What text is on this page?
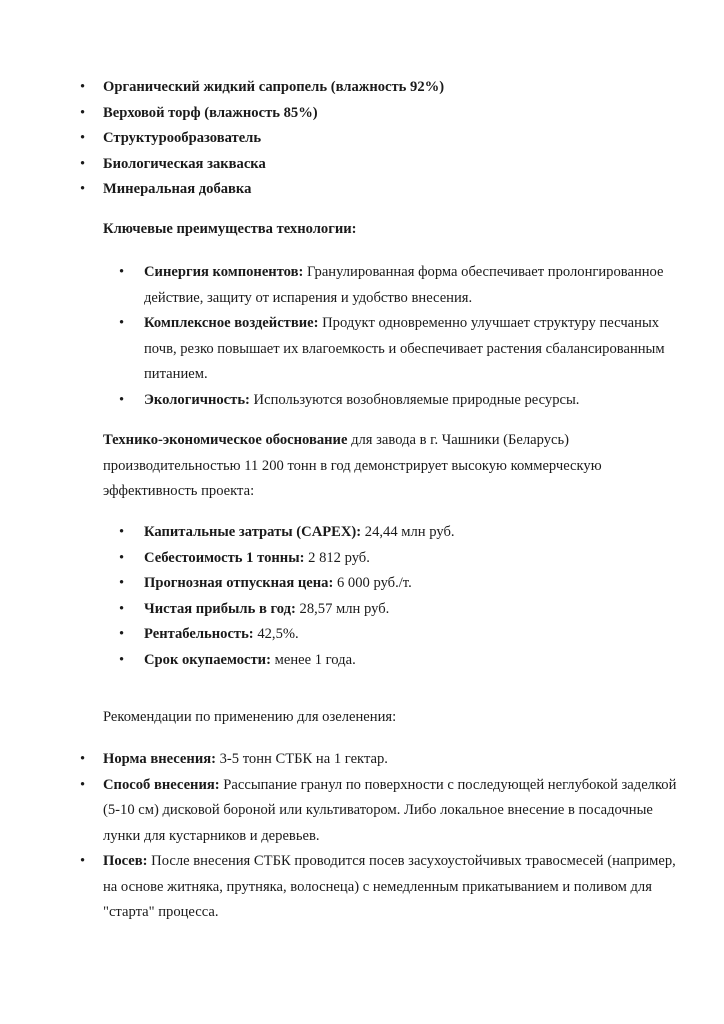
• Органический жидкий сапропель (влажность 92%)
• Верховой торф (влажность 85%)
• Структурообразователь
• Биологическая закваска
• Минеральная добавка
Ключевые преимущества технологии:
• Синергия компонентов: Гранулированная форма обеспечивает пролонгированное действие, защиту от испарения и удобство внесения.
• Комплексное воздействие: Продукт одновременно улучшает структуру песчаных почв, резко повышает их влагоемкость и обеспечивает растения сбалансированным питанием.
• Экологичность: Используются возобновляемые природные ресурсы.
Технико-экономическое обоснование для завода в г. Чашники (Беларусь) производительностью 11 200 тонн в год демонстрирует высокую коммерческую эффективность проекта:
• Капитальные затраты (CAPEX): 24,44 млн руб.
• Себестоимость 1 тонны: 2 812 руб.
• Прогнозная отпускная цена: 6 000 руб./т.
• Чистая прибыль в год: 28,57 млн руб.
• Рентабельность: 42,5%.
• Срок окупаемости: менее 1 года.
Рекомендации по применению для озеленения:
• Норма внесения: 3-5 тонн СТБК на 1 гектар.
• Способ внесения: Рассыпание гранул по поверхности с последующей неглубокой заделкой (5-10 см) дисковой бороной или культиватором. Либо локальное внесение в посадочные лунки для кустарников и деревьев.
• Посев: После внесения СТБК проводится посев засухоустойчивых травосмесей (например, на основе житняка, прутняка, волоснеца) с немедленным прикатыванием и поливом для "старта" процесса.
